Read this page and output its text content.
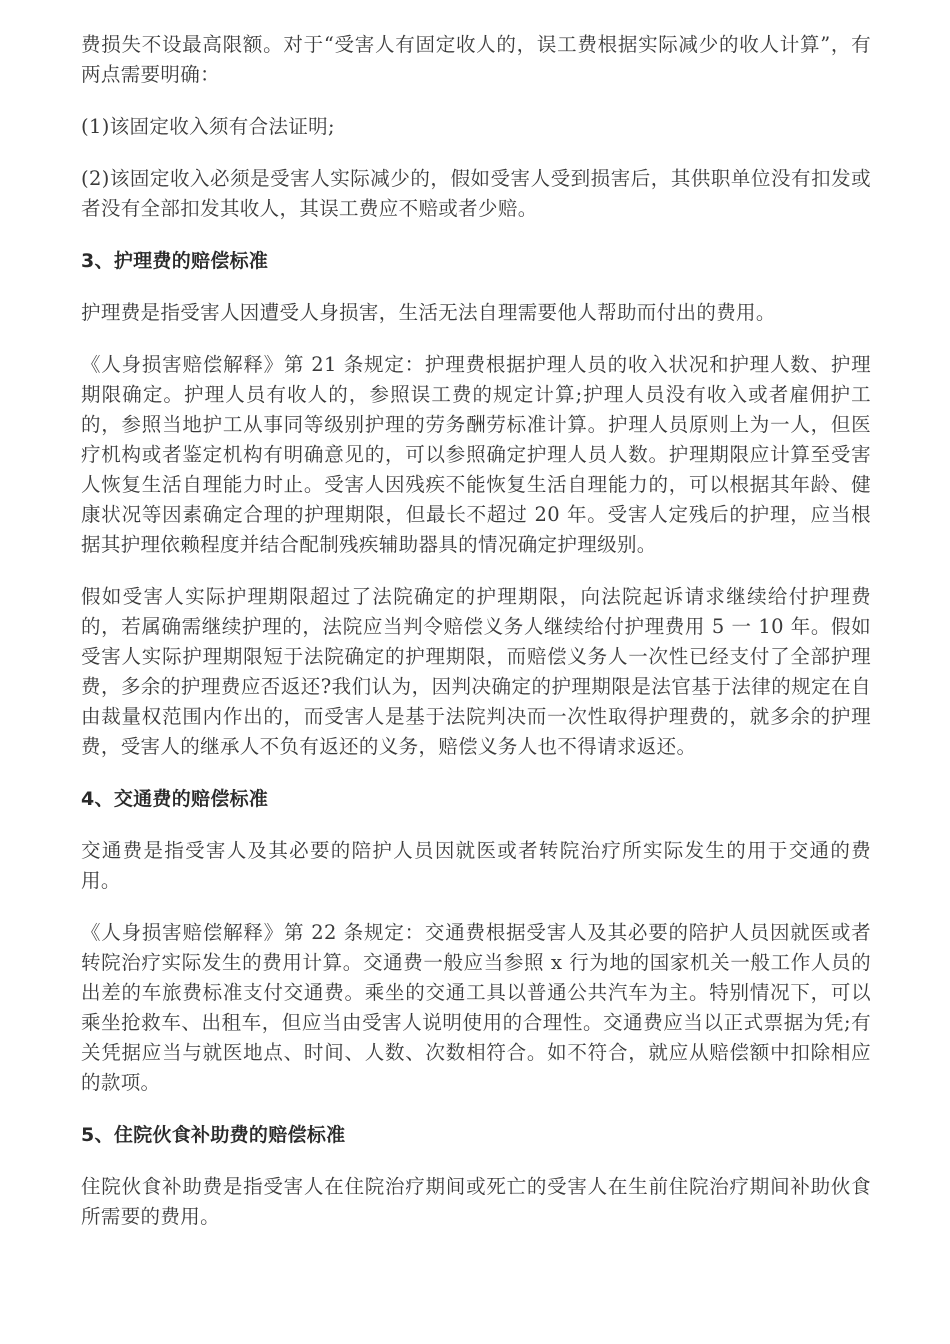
费损失不设最高限额。对于“受害人有固定收人的，误工费根据实际减少的收人计算”，有两点需要明确：

(1)该固定收入须有合法证明;

(2)该固定收入必须是受害人实际减少的，假如受害人受到损害后，其供职单位没有扣发或者没有全部扣发其收人，其误工费应不赔或者少赔。

3、护理费的赔偿标准

护理费是指受害人因遭受人身损害，生活无法自理需要他人帮助而付出的费用。

《人身损害赔偿解释》第 21 条规定：护理费根据护理人员的收入状况和护理人数、护理期限确定。护理人员有收人的，参照误工费的规定计算;护理人员没有收入或者雇佣护工的，参照当地护工从事同等级别护理的劳务酬劳标准计算。护理人员原则上为一人，但医疗机构或者鉴定机构有明确意见的，可以参照确定护理人员人数。护理期限应计算至受害人恢复生活自理能力时止。受害人因残疾不能恢复生活自理能力的，可以根据其年龄、健康状况等因素确定合理的护理期限，但最长不超过 20 年。受害人定残后的护理，应当根据其护理依赖程度并结合配制残疾辅助器具的情况确定护理级别。

假如受害人实际护理期限超过了法院确定的护理期限，向法院起诉请求继续给付护理费的，若属确需继续护理的，法院应当判令赔偿义务人继续给付护理费用 5 一 10 年。假如受害人实际护理期限短于法院确定的护理期限，而赔偿义务人一次性已经支付了全部护理费，多余的护理费应否返还?我们认为，因判决确定的护理期限是法官基于法律的规定在自由裁量权范围内作出的，而受害人是基于法院判决而一次性取得护理费的，就多余的护理费，受害人的继承人不负有返还的义务，赔偿义务人也不得请求返还。

4、交通费的赔偿标准

交通费是指受害人及其必要的陪护人员因就医或者转院治疗所实际发生的用于交通的费用。

《人身损害赔偿解释》第 22 条规定：交通费根据受害人及其必要的陪护人员因就医或者转院治疗实际发生的费用计算。交通费一般应当参照 x 行为地的国家机关一般工作人员的出差的车旅费标准支付交通费。乘坐的交通工具以普通公共汽车为主。特别情况下，可以乘坐抢救车、出租车，但应当由受害人说明使用的合理性。交通费应当以正式票据为凭;有关凭据应当与就医地点、时间、人数、次数相符合。如不符合，就应从赔偿额中扣除相应的款项。

5、住院伙食补助费的赔偿标准

住院伙食补助费是指受害人在住院治疗期间或死亡的受害人在生前住院治疗期间补助伙食所需要的费用。
